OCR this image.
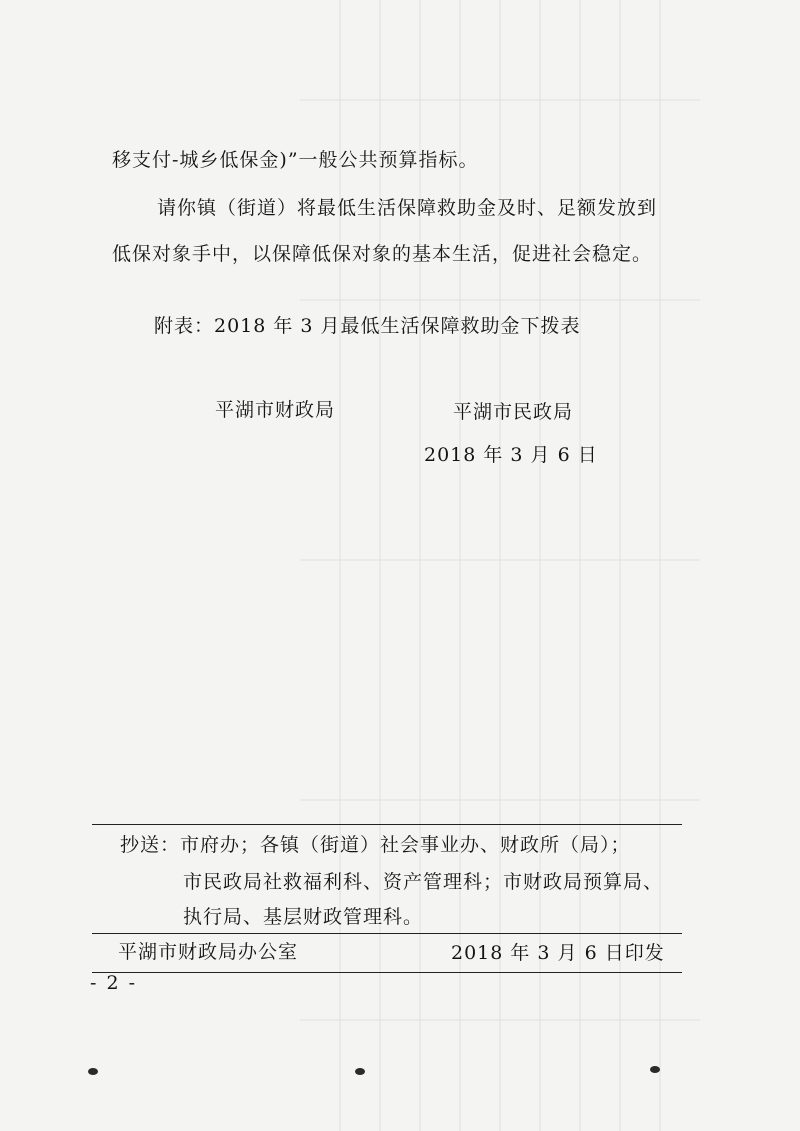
移支付-城乡低保金)”一般公共预算指标。
请你镇（街道）将最低生活保障救助金及时、足额发放到
低保对象手中，以保障低保对象的基本生活，促进社会稳定。
附表：2018 年 3 月最低生活保障救助金下拨表
平湖市财政局	平湖市民政局
2018 年 3 月 6 日
抄送：市府办；各镇（街道）社会事业办、财政所（局）；
市民政局社救福利科、资产管理科；市财政局预算局、
执行局、基层财政管理科。
平湖市财政局办公室	2018 年 3 月 6 日印发
- 2 -
